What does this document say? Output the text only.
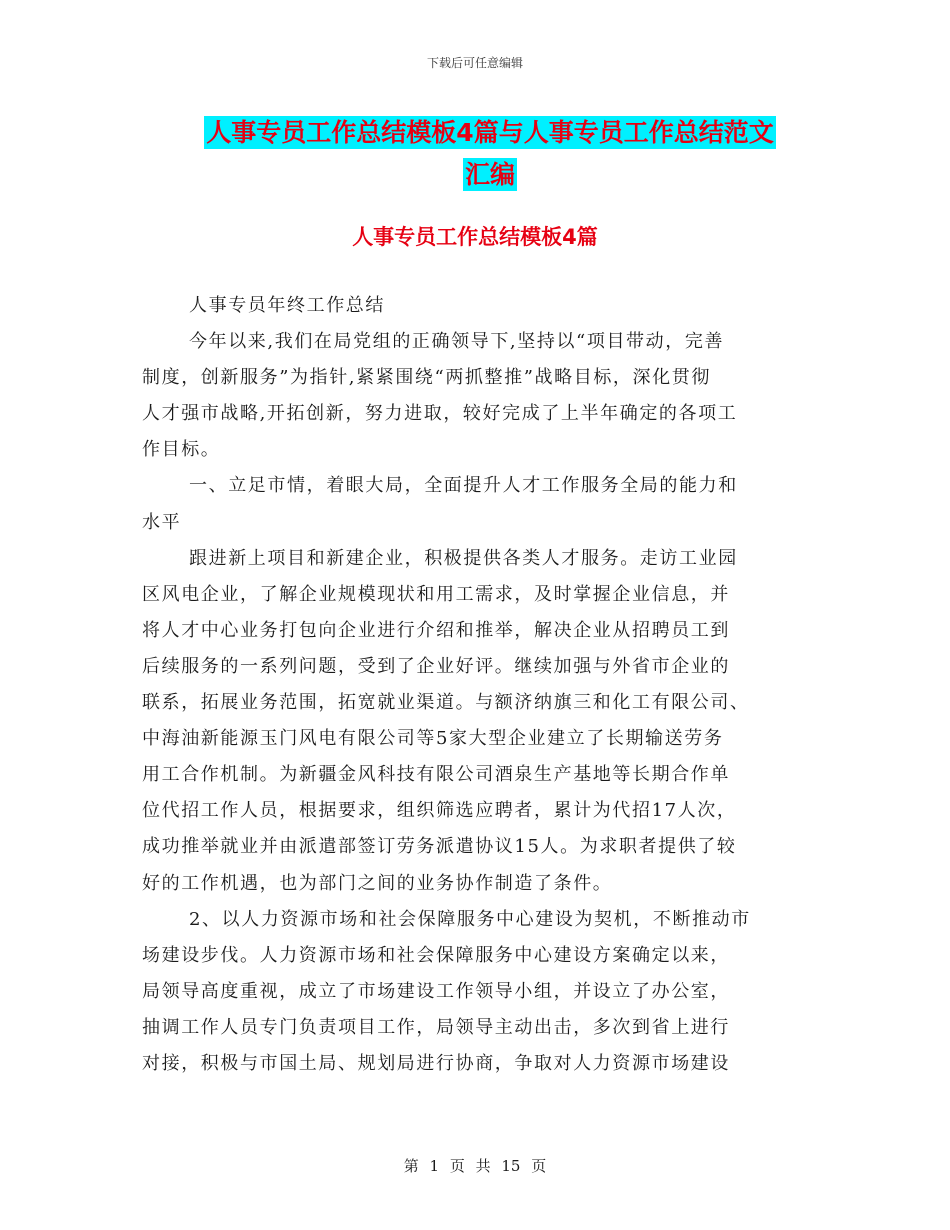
下载后可任意编辑
人事专员工作总结模板4篇与人事专员工作总结范文
汇编
人事专员工作总结模板4篇
人事专员年终工作总结
今年以来,我们在局党组的正确领导下,坚持以“项目带动，完善
制度，创新服务”为指针,紧紧围绕“两抓整推”战略目标，深化贯彻
人才强市战略,开拓创新，努力进取，较好完成了上半年确定的各项工
作目标。
一、立足市情，着眼大局，全面提升人才工作服务全局的能力和
水平
跟进新上项目和新建企业，积极提供各类人才服务。走访工业园
区风电企业，了解企业规模现状和用工需求，及时掌握企业信息，并
将人才中心业务打包向企业进行介绍和推举，解决企业从招聘员工到
后续服务的一系列问题，受到了企业好评。继续加强与外省市企业的
联系，拓展业务范围，拓宽就业渠道。与额济纳旗三和化工有限公司、
中海油新能源玉门风电有限公司等5家大型企业建立了长期输送劳务
用工合作机制。为新疆金风科技有限公司酒泉生产基地等长期合作单
位代招工作人员，根据要求，组织筛选应聘者，累计为代招17人次，
成功推举就业并由派遣部签订劳务派遣协议15人。为求职者提供了较
好的工作机遇，也为部门之间的业务协作制造了条件。
2、以人力资源市场和社会保障服务中心建设为契机，不断推动市
场建设步伐。人力资源市场和社会保障服务中心建设方案确定以来，
局领导高度重视，成立了市场建设工作领导小组，并设立了办公室，
抽调工作人员专门负责项目工作，局领导主动出击，多次到省上进行
对接，积极与市国土局、规划局进行协商，争取对人力资源市场建设
第 1 页 共 15 页
